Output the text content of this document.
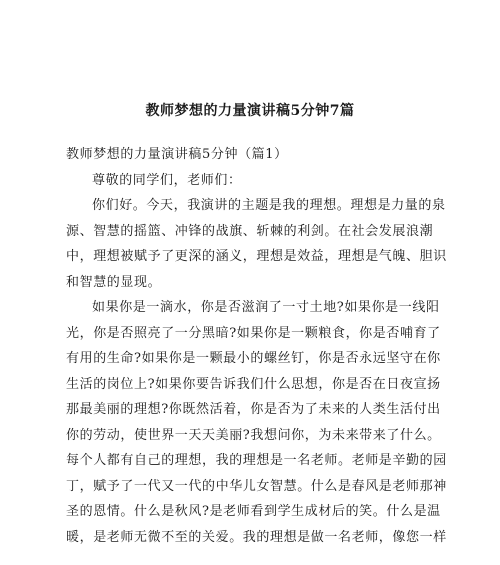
教师梦想的力量演讲稿5分钟7篇
教师梦想的力量演讲稿5分钟（篇1）
尊敬的同学们，老师们：
你们好。今天，我演讲的主题是我的理想。理想是力量的泉
源、智慧的摇篮、冲锋的战旗、斩棘的利剑。在社会发展浪潮
中，理想被赋予了更深的涵义，理想是效益，理想是气魄、胆识
和智慧的显现。
如果你是一滴水，你是否滋润了一寸土地?如果你是一线阳
光，你是否照亮了一分黑暗?如果你是一颗粮食，你是否哺育了
有用的生命?如果你是一颗最小的螺丝钉，你是否永远坚守在你
生活的岗位上?如果你要告诉我们什么思想，你是否在日夜宣扬
那最美丽的理想?你既然活着，你是否为了未来的人类生活付出
你的劳动，使世界一天天美丽?我想问你，为未来带来了什么。
每个人都有自己的理想，我的理想是一名老师。老师是辛勤的园
丁，赋予了一代又一代的中华儿女智慧。什么是春风是老师那神
圣的恩情。什么是秋风?是老师看到学生成材后的笑。什么是温
暖，是老师无微不至的关爱。我的理想是做一名老师，像您一样
